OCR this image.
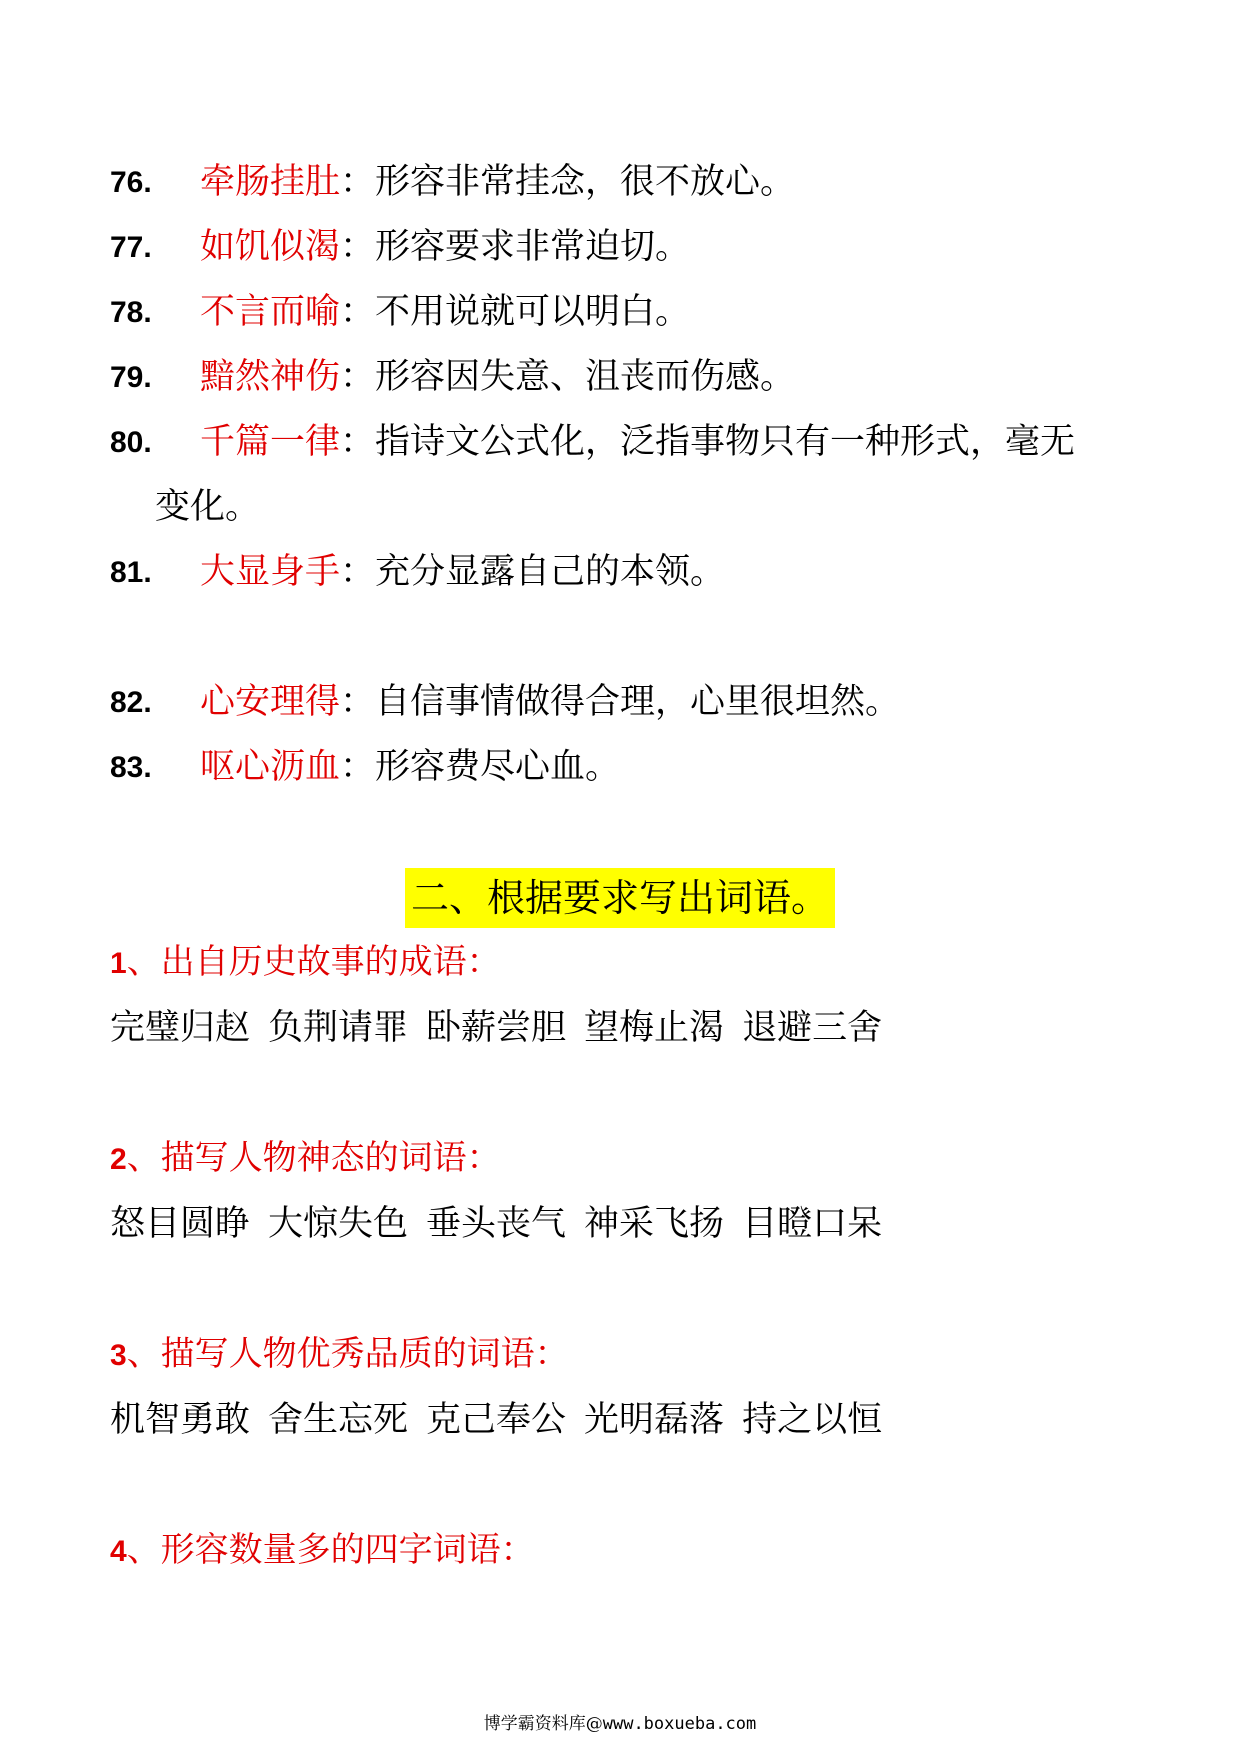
76. 牵肠挂肚：形容非常挂念，很不放心。
77. 如饥似渴：形容要求非常迫切。
78. 不言而喻：不用说就可以明白。
79. 黯然神伤：形容因失意、沮丧而伤感。
80. 千篇一律：指诗文公式化，泛指事物只有一种形式，毫无
变化。
81. 大显身手：充分显露自己的本领。
82. 心安理得：自信事情做得合理，心里很坦然。
83. 呕心沥血：形容费尽心血。
二、根据要求写出词语。
1、出自历史故事的成语：
完璧归赵 负荆请罪 卧薪尝胆 望梅止渴 退避三舍
2、描写人物神态的词语：
怒目圆睁 大惊失色 垂头丧气 神采飞扬 目瞪口呆
3、描写人物优秀品质的词语：
机智勇敢 舍生忘死 克己奉公 光明磊落 持之以恒
4、形容数量多的四字词语：
博学霸资料库@www.boxueba.com
